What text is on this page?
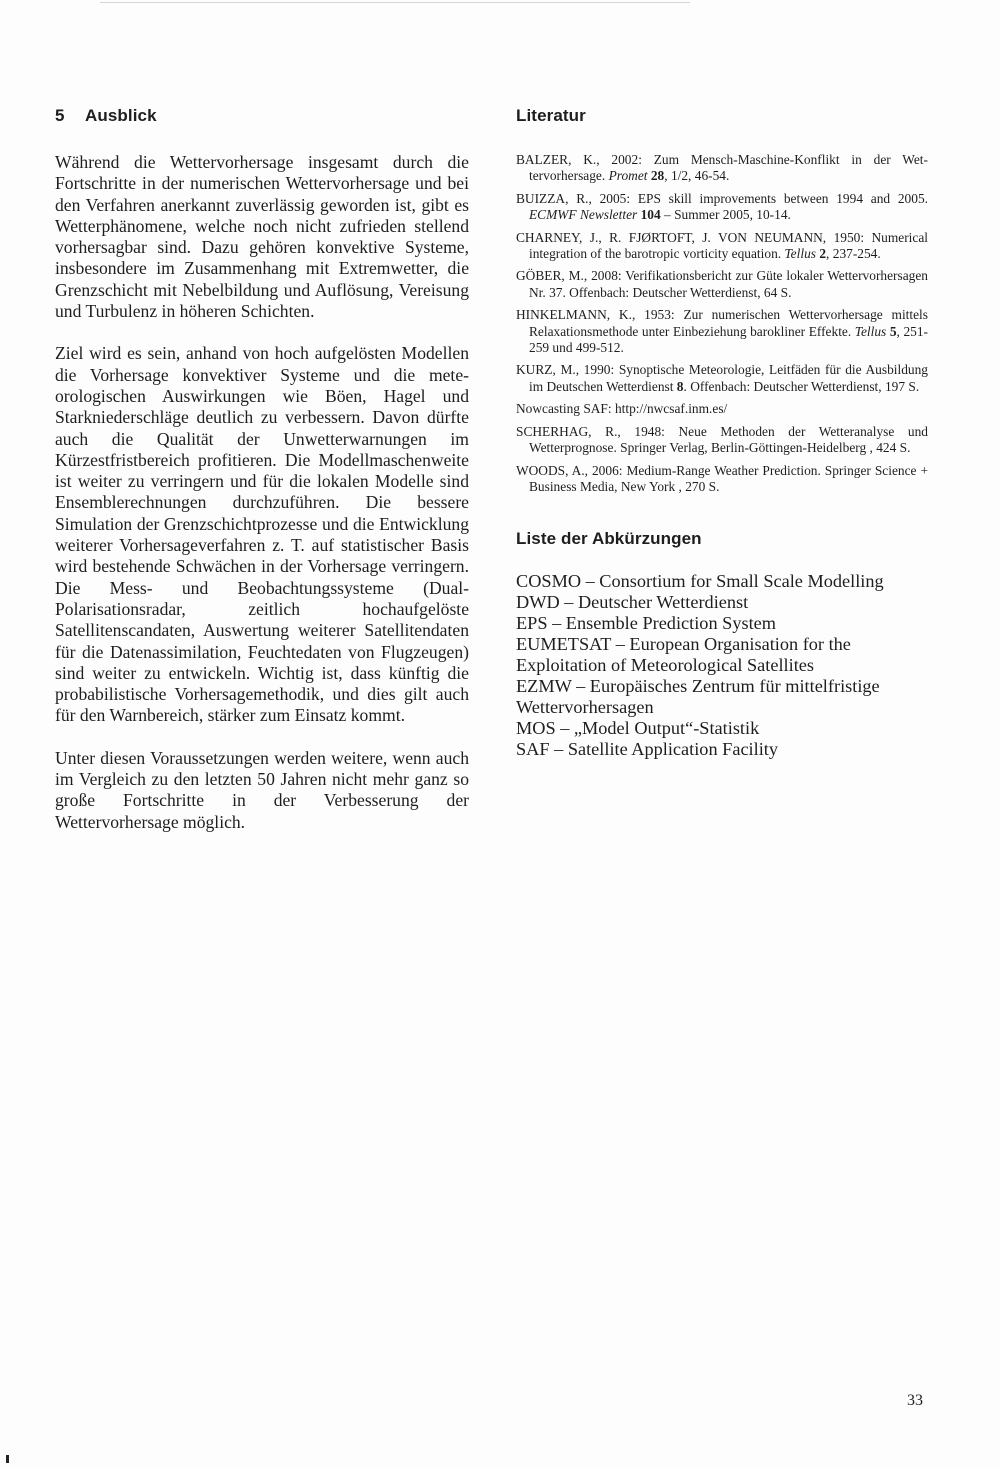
5 Ausblick

Während die Wettervorhersage insgesamt durch die Fortschritte in der numerischen Wettervorhersage und bei den Verfahren anerkannt zuverlässig geworden ist, gibt es Wetterphänomene, welche noch nicht zufrieden stellend vorhersagbar sind. Dazu gehören konvektive Systeme, insbesondere im Zusammenhang mit Extremwetter, die Grenzschicht mit Nebelbildung und Auflösung, Vereisung und Turbulenz in höheren Schichten.

Ziel wird es sein, anhand von hoch aufgelösten Modellen die Vorhersage konvektiver Systeme und die meteorologischen Auswirkungen wie Böen, Hagel und Starkniederschläge deutlich zu verbessern. Davon dürfte auch die Qualität der Unwetterwarnungen im Kürzestfristbereich profitieren. Die Modellmaschenweite ist weiter zu verringern und für die lokalen Modelle sind Ensemblerechnungen durchzuführen. Die bessere Simulation der Grenzschichtprozesse und die Entwicklung weiterer Vorhersageverfahren z. T. auf statistischer Basis wird bestehende Schwächen in der Vorhersage verringern. Die Mess- und Beobachtungssysteme (Dual-Polarisationsradar, zeitlich hochaufgelöste Satellitenscandaten, Auswertung weiterer Satellitendaten für die Datenassimilation, Feuchtedaten von Flugzeugen) sind weiter zu entwickeln. Wichtig ist, dass künftig die probabilistische Vorhersagemethodik, und dies gilt auch für den Warnbereich, stärker zum Einsatz kommt.

Unter diesen Voraussetzungen werden weitere, wenn auch im Vergleich zu den letzten 50 Jahren nicht mehr ganz so große Fortschritte in der Verbesserung der Wettervorhersage möglich.

Literatur

BALZER, K., 2002: Zum Mensch-Maschine-Konflikt in der Wettervorhersage. Promet 28, 1/2, 46-54.

BUIZZA, R., 2005: EPS skill improvements between 1994 and 2005. ECMWF Newsletter 104 – Summer 2005, 10-14.

CHARNEY, J., R. FJØRTOFT, J. VON NEUMANN, 1950: Numerical integration of the barotropic vorticity equation. Tellus 2, 237-254.

GÖBER, M., 2008: Verifikationsbericht zur Güte lokaler Wettervorhersagen Nr. 37. Offenbach: Deutscher Wetterdienst, 64 S.

HINKELMANN, K., 1953: Zur numerischen Wettervorhersage mittels Relaxationsmethode unter Einbeziehung barokliner Effekte. Tellus 5, 251-259 und 499-512.

KURZ, M., 1990: Synoptische Meteorologie, Leitfäden für die Ausbildung im Deutschen Wetterdienst 8. Offenbach: Deutscher Wetterdienst, 197 S.

Nowcasting SAF: http://nwcsaf.inm.es/

SCHERHAG, R., 1948: Neue Methoden der Wetteranalyse und Wetterprognose. Springer Verlag, Berlin-Göttingen-Heidelberg , 424 S.

WOODS, A., 2006: Medium-Range Weather Prediction. Springer Science + Business Media, New York , 270 S.

Liste der Abkürzungen

COSMO – Consortium for Small Scale Modelling

DWD – Deutscher Wetterdienst

EPS – Ensemble Prediction System

EUMETSAT – European Organisation for the Exploitation of Meteorological Satellites

EZMW – Europäisches Zentrum für mittelfristige Wettervorhersagen

MOS – „Model Output“-Statistik

SAF – Satellite Application Facility

33
